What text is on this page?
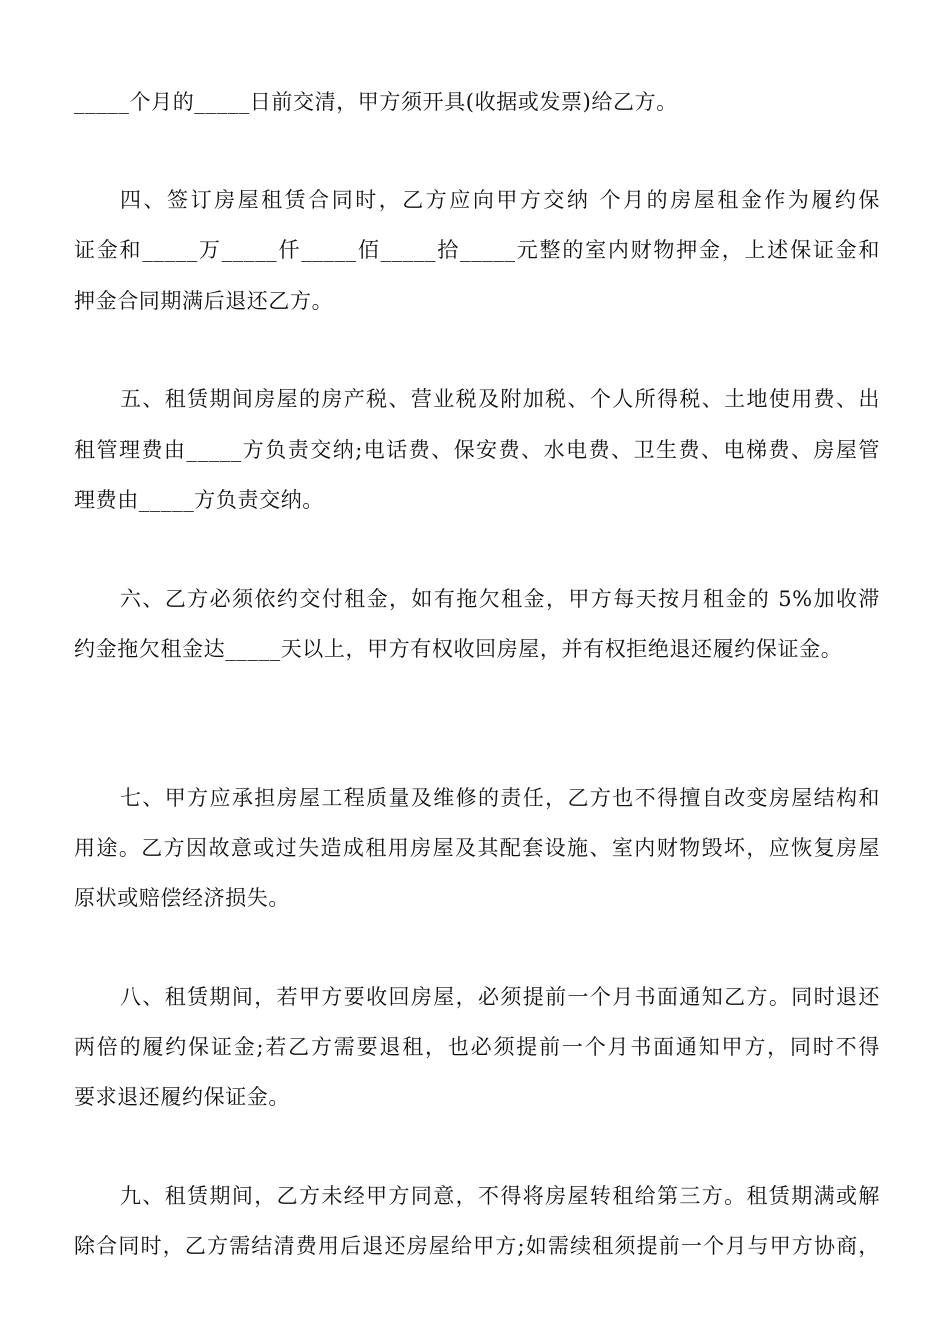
_____个月的_____日前交清，甲方须开具(收据或发票)给乙方。
四、签订房屋租赁合同时，乙方应向甲方交纳 个月的房屋租金作为履约保
证金和_____万_____仟_____佰_____拾_____元整的室内财物押金，上述保证金和
押金合同期满后退还乙方。
五、租赁期间房屋的房产税、营业税及附加税、个人所得税、土地使用费、出
租管理费由_____方负责交纳;电话费、保安费、水电费、卫生费、电梯费、房屋管
理费由_____方负责交纳。
六、乙方必须依约交付租金，如有拖欠租金，甲方每天按月租金的 5%加收滞
约金拖欠租金达_____天以上，甲方有权收回房屋，并有权拒绝退还履约保证金。
七、甲方应承担房屋工程质量及维修的责任，乙方也不得擅自改变房屋结构和
用途。乙方因故意或过失造成租用房屋及其配套设施、室内财物毁坏，应恢复房屋
原状或赔偿经济损失。
八、租赁期间，若甲方要收回房屋，必须提前一个月书面通知乙方。同时退还
两倍的履约保证金;若乙方需要退租，也必须提前一个月书面通知甲方，同时不得
要求退还履约保证金。
九、租赁期间，乙方未经甲方同意，不得将房屋转租给第三方。租赁期满或解
除合同时，乙方需结清费用后退还房屋给甲方;如需续租须提前一个月与甲方协商，
